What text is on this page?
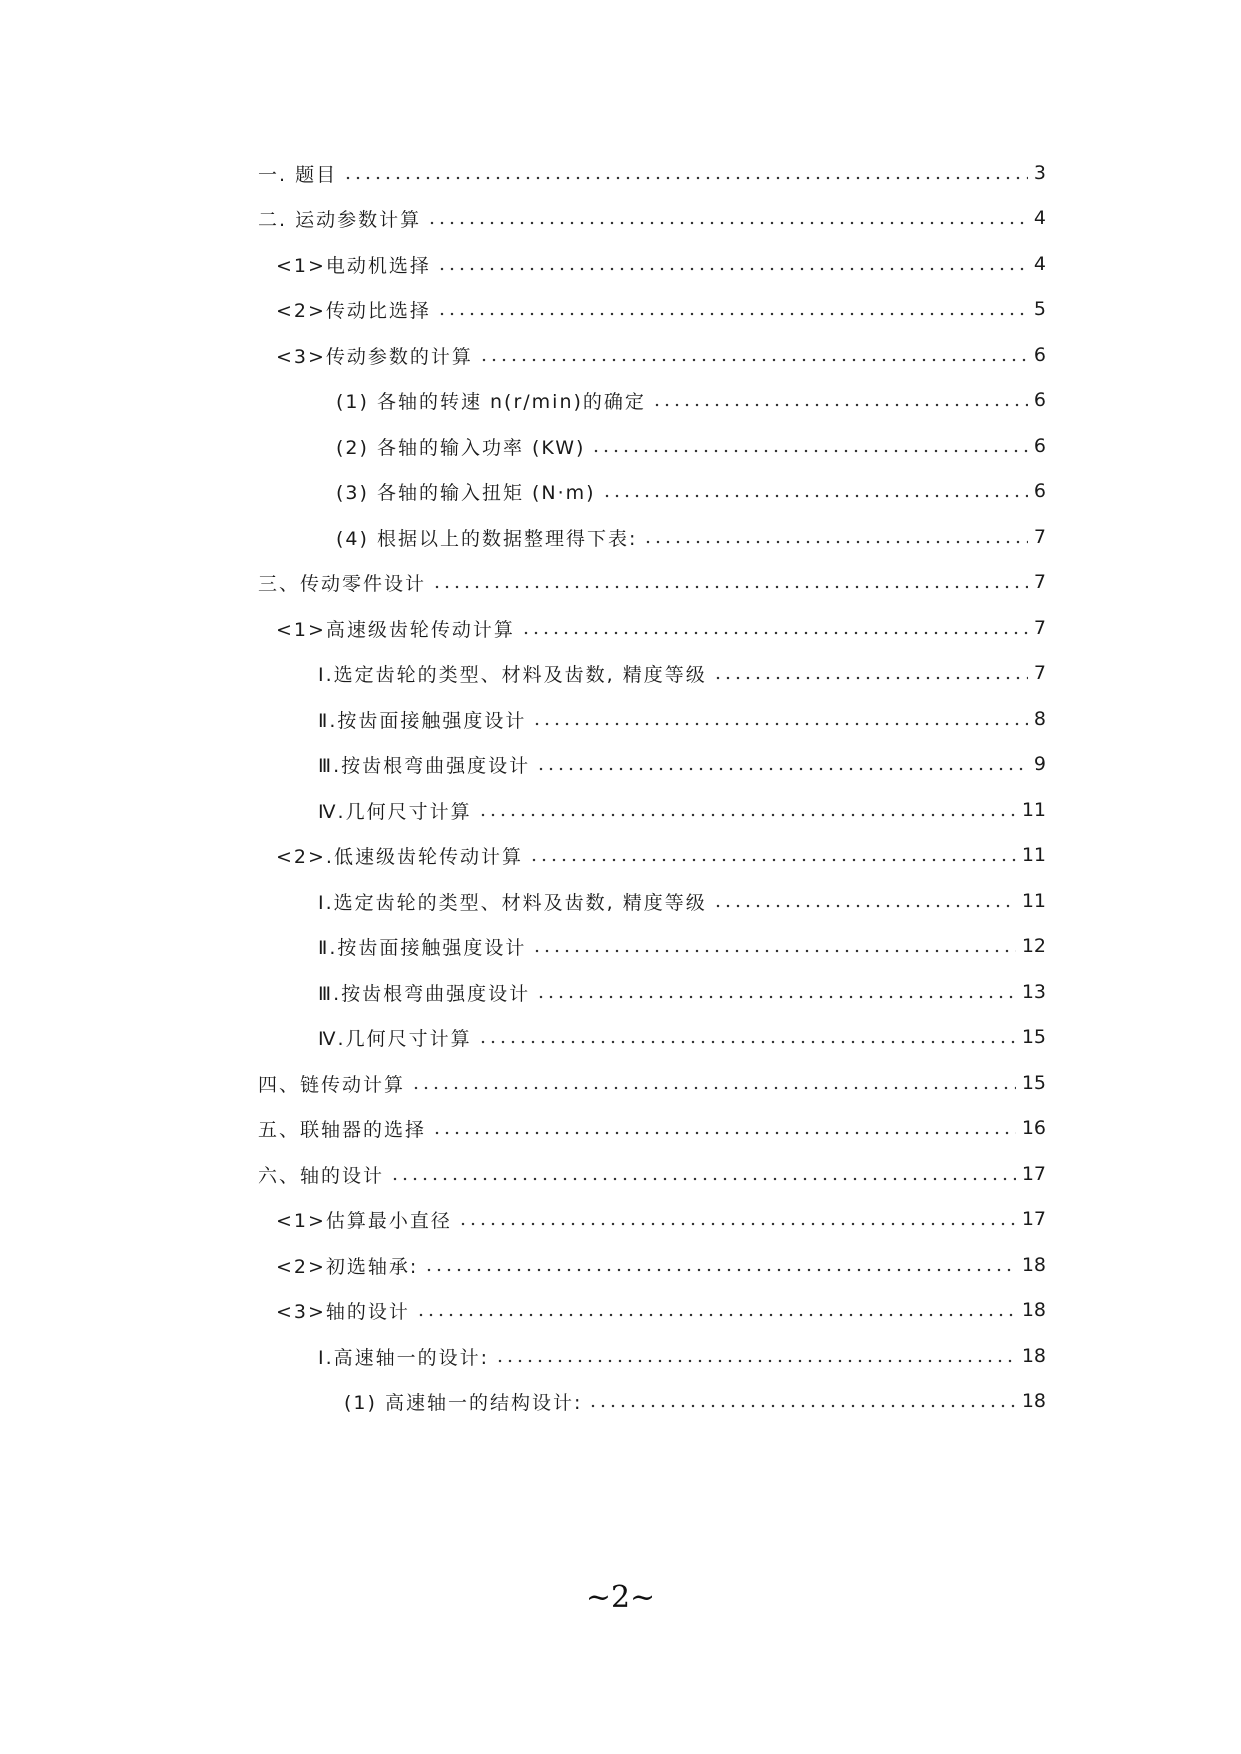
一. 题目	3
二. 运动参数计算	4
<1>电动机选择	4
<2>传动比选择	5
<3>传动参数的计算	6
(1) 各轴的转速 n(r/min)的确定	6
(2) 各轴的输入功率 (KW)	6
(3) 各轴的输入扭矩 (N·m)	6
(4) 根据以上的数据整理得下表:	7
三、传动零件设计	7
<1>高速级齿轮传动计算	7
Ⅰ.选定齿轮的类型、材料及齿数, 精度等级	7
Ⅱ.按齿面接触强度设计	8
Ⅲ.按齿根弯曲强度设计	9
Ⅳ.几何尺寸计算	11
<2>.低速级齿轮传动计算	11
Ⅰ.选定齿轮的类型、材料及齿数, 精度等级	11
Ⅱ.按齿面接触强度设计	12
Ⅲ.按齿根弯曲强度设计	13
Ⅳ.几何尺寸计算	15
四、链传动计算	15
五、联轴器的选择	16
六、轴的设计	17
<1>估算最小直径	17
<2>初选轴承:	18
<3>轴的设计	18
Ⅰ.高速轴一的设计:	18
(1) 高速轴一的结构设计:	18
~2~
